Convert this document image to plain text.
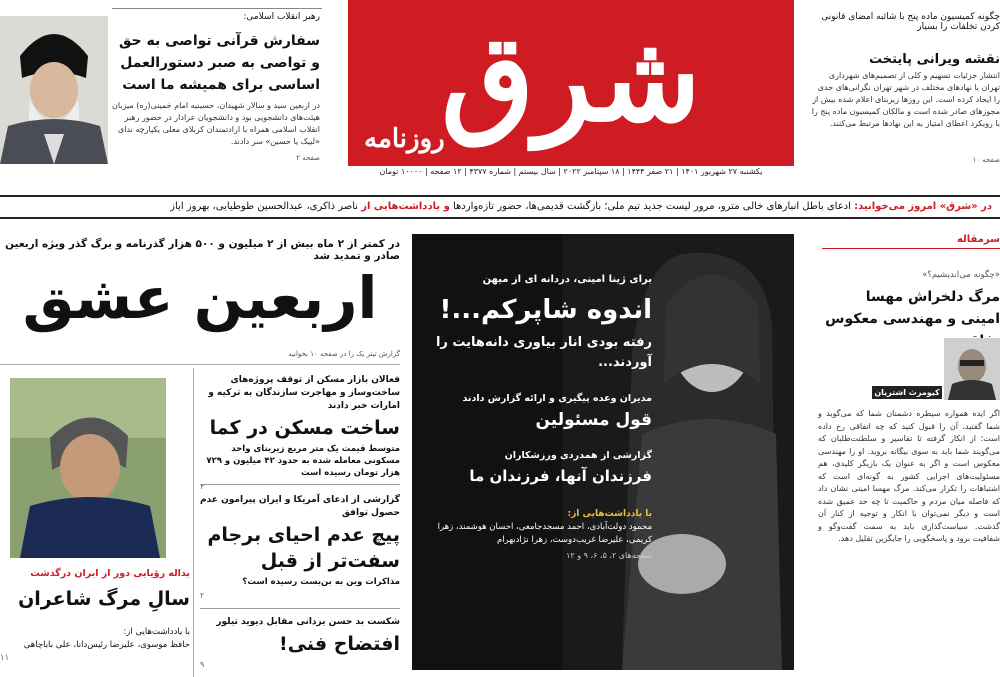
رهبر انقلاب اسلامی:
سفارش قرآنی تواصی به حق و تواصی به صبر دستورالعمل اساسی برای همیشه ما است
در اربعین سید و سالار شهیدان، حسینیه امام خمینی(ره) میزبان هیئت‌های دانشجویی بود و دانشجویان عزادار در حضور رهبر انقلاب اسلامی همراه با ارادتمندان کربلای معلی یکپارچه ندای «لبیک یا حسین» سر دادند.
صفحه ۲
شرق
روزنامه
یکشنبه ۲۷ شهریور ۱۴۰۱ | ۲۱ صفر ۱۴۴۴ | ۱۸ سپتامبر ۲۰۲۲ | سال بیستم | شماره ۴۳۷۷ | ۱۲ صفحه | ۱۰۰۰۰ تومان
چگونه کمیسیون ماده پنج با شائبه امضای قانونی کردن تخلفات را بسیار
نقشه ویرانی پایتخت
انتشار جزئیات تسهیم و کلی از تصمیم‌های شهرداری تهران با نهادهای مختلف در شهر تهران نگرانی‌های جدی را ایجاد کرده است. این روزها زیربنای اعلام شده بیش از مجوزهای صادر شده است و مالکان کمیسیون ماده پنج را با رویکرد اعطای امتیاز به این نهادها مرتبط می‌کنند.
صفحه ۱۰
در «شرق» امروز می‌خوانید: ادعای باطل انبارهای خالی مترو، مرور لیست جدید تیم ملی؛ بازگشت قدیمی‌ها، حضور تازه‌واردها و یادداشت‌هایی از ناصر ذاکری، عبدالحسین طوطیایی، بهروز ایاز
در کمتر از ۲ ماه بیش از ۲ میلیون و ۵۰۰ هزار گذرنامه و برگ گذر ویژه اربعین صادر و تمدید شد
اربعین عشق
گزارش تیتر یک را در صفحه ۱۰ بخوانید
یداله رؤیایی دور از ایران درگذشت
سالِ مرگ شاعران
با یادداشت‌هایی از:
حافظ موسوی، علیرضا رئیس‌دانا، علی باباچاهی
۱۱
فعالان بازار مسکن از توقف پروژه‌های ساخت‌وساز و مهاجرت سازندگان به ترکیه و امارات خبر دادند
ساخت مسکن در کما
متوسط قیمت یک متر مربع زیربنای واحد مسکونی معامله شده به حدود ۴۲ میلیون و ۷۲۹ هزار تومان رسیده است
۴
گزارشی از ادعای آمریکا و ایران پیرامون عدم حصول توافق
پیچ عدم احیای برجام سفت‌تر از قبل
مذاکرات وین به بن‌بست رسیده است؟
۲
شکست بد حسن یزدانی مقابل دیوید تیلور
افتضاح فنی!
۹
برای ژینا امینی، دردانه ای از میهن
اندوه شاپرکم...!
رفته بودی انار بیاوری دانه‌هایت را آوردند...
مدیران وعده پیگیری و ارائه گزارش دادند
قول مسئولین
گزارشی از همدردی ورزشکاران
فرزندان آنها، فرزندان ما
با یادداشت‌هایی از:
محمود دولت‌آبادی، احمد مسجدجامعی، احسان هوشمند، زهرا کریمی، علیرضا غریب‌دوست، زهرا نژادبهرام
صفحه‌های ۲، ۵، ۶، ۹ و ۱۲
سرمقاله
«چگونه می‌اندیشیم؟»
مرگ دلخراش مهسا امینی و مهندسی معکوس
کیومرث اشتریان
اگر ایده همواره سیطره دشمنان شما که می‌گوید و شما گفتید، آن را قبول کنید که چه اتفاقی رخ داده است؛ از انکار گرفته تا تفاسیر و سلطنت‌طلبان که می‌گویند شما باید به سوی بیگانه بروید. او را مهندسی معکوس است و اگر به عنوان یک بازیگر کلیدی، هم مسئولیت‌های اجرایی کشور به گونه‌ای است که اشتباهات را تکرار می‌کند. مرگ مهسا امینی نشان داد که فاصله میان مردم و حاکمیت تا چه حد عمیق شده است و دیگر نمی‌توان با انکار و توجیه از کنار آن گذشت. سیاست‌گذاری باید به سمت گفت‌وگو و شفافیت برود و پاسخگویی را جایگزین تقلیل دهد.
